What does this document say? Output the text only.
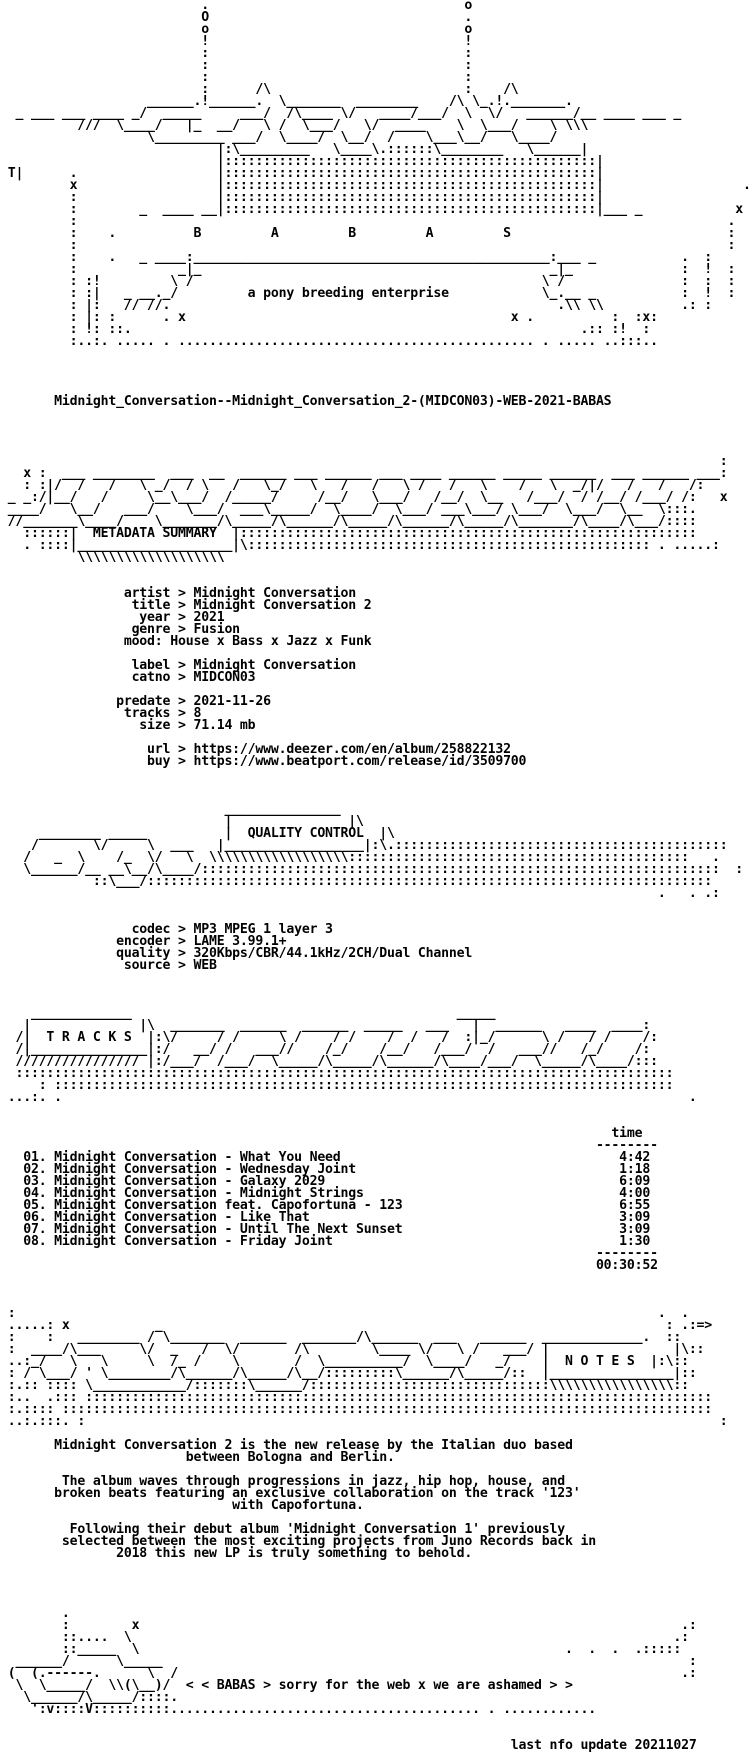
.                                 o
O                                 .
o                                 o
!                                 !
:                                 :
:                                 :
:                                 :
:      /\                         :    /\
______.!______.  \_______  ________    /\ \_.!._______.
_ ___ ___ ____ _/  _____     ___/  /\____ \/   ____/___/  \  \/   ______/__ ____ ___ _
///  \____/   |_  __/   \ /  \___/   \/  ____    \  \___/    \ \\\
\_________ ___/  \____/  \__/  /    \___\__/   \____/
|:\_________   \____\.::::::\________   \______|
|::::::::::::::::::::::::::::::::::::::::::::::::|
T|      .                  |::::::::::::::::::::::::::::::::::::::::::::::::|
x                  |::::::::::::::::::::::::::::::::::::::::::::::::|                  .
:                  |::::::::::::::::::::::::::::::::::::::::::::::::|
:        _  ____ __|::::::::::::::::::::::::::::::::::::::::::::::::|___ _            x
:                                                                                    .
:    .          B         A         B         A         S                            :
:                                                                                    :
:    .   _ ____:______________________________________________:___ _           .  :
:             _|_                                             _|_              :  !  :
: :!         \ /                                             \ /               :  :  :
: :|   _ __._/         a pony breeding enterprise            \_.__ _           :  !  :
: |:   // //.                                                  .\\ \\          .: :
: |: :      . x                                          x .          :  :x:
: !: ::.                                                          .:: :!  :
:..:. ..... . .............................................. . ..... ..:::..
Midnight_Conversation--Midnight_Conversation_2-(MIDCON03)-WEB-2021-BABAS
:
x :  ___ ________  ___  __  ______ ___ ______ ___ ____ ______ _____ ______  ___ ______ ___:
: :|/  /   /   \ _/  / \   /   \_/   \   /   /   \ /   /   \    /   \  _/|/   /   /   /:
_ _:/|__/   /     \__\___/  /_____/     /__/   \___/   /__/  \__   /___/  / /__/ /___/ /:   x
____/   \__/   ___/    \___/  ___\_____/  \____/  \___/ ___\___/ \___/  \___/  \__  \:::.
//_______\____/    \_______/\_____/\______/\_____/\______/\_____/\_______/\____/\___/::::
::::::|  METADATA SUMMARY  |:::::::::::::::::::::::::::::::::::::::::::::::::::::::::::
. ::::|____________________|\:::::::::::::::::::::::::::::::::::::::::::::::::::: . .....:
\\\\\\\\\\\\\\\\\\\
artist > Midnight Conversation
title > Midnight Conversation 2
year > 2021
genre > Fusion
mood: House x Bass x Jazz x Funk
label > Midnight Conversation
catno > MIDCON03
predate > 2021-11-26
tracks > 8
size > 71.14 mb
url > https://www.deezer.com/en/album/258822132
buy > https://www.beatport.com/release/id/3509700
_______________
|               |\
________ _____          |  QUALITY CONTROL  |\
/       \/     \  ___   |__________________|:\.:::::::::::::::::::::::::::::::::::::::::::
/   _  \    /_  \/   \  \\\\\\\\\\\\\\\\\\::::::::::::::::::::::::::::::::::::::::::::   .
\______/__ __\__/\____/:::::::::::::::::::::::::::::::::::::::::::::::::::::::::::::::::::  :
::\___/:::::::::::::::::::::::::::::::::::::::::::::::::::::::::::::::::::::::::
.   . .:
codec > MP3 MPEG 1 layer 3
encoder > LAME 3.99.1+
quality > 320Kbps/CBR/44.1kHz/2CH/Dual Channel
source > WEB
_____________                                          _____
|              |\  _______  ______  ______  _____   ___   |  ______   ____  ____:
/|  T R A C K S  |:\/     / /     \ /    / /    /  /   /  :|_/      \ /   / /    /:
/|_______________|:/   __/ /   ___//    /_/    /__/   /___/  /   ___//   /_/    /:
//////////////// |:/___/  /___/  \_____/\_____/\______/\____/___/  \_____/\____/:::
:::::::::::::::::::::::::::::::::::::::::::::::::::::::::::::::::::::::::::::::::::::
: ::::::::::::::::::::::::::::::::::::::::::::::::::::::::::::::::::::::::::::::::
...:. .                                                                                 .
time
--------
01. Midnight Conversation - What You Need                                    4:42
02. Midnight Conversation - Wednesday Joint                                  1:18
03. Midnight Conversation - Galaxy 2029                                      6:09
04. Midnight Conversation - Midnight Strings                                 4:00
05. Midnight Conversation feat. Capofortuna - 123                            6:55
06. Midnight Conversation - Like That                                        3:09
07. Midnight Conversation - Until The Next Sunset                            3:09
08. Midnight Conversation - Friday Joint                                     1:30
--------
00:30:52
:                                                                                   .  .
.....: x           _                                                                 : .:=>
:    :   ________ / \_______  ______  _______/\______  ___   ______  _____________.  ::
:  ____/\___     \/  _   /  \/       /\        \____ \/   \ /   ___/ |                |\::
..:_/   \   \     \  /_ /    \       /  \__________/  \____/   _/    |  N O T E S  |:\::
: / \___/ ' \________/\______/\_____/\__/:::::::::\______/\_____/::  |________________|::
:.:: :::: \____________/:::::::\______/:::::::::::::::::::::::::::::::\\\\\\\\\\\\\\\\::
:..  .::: :::::::::::::::::::::::::::::::::::::::::::::::::::::::::::::::::::::::::::::::::
:.:::: ::::::::::::::::::::::::::::::::::::::::::::::::::::::::::::::::::::::::::::::::::::
..:.:::. :                                                                                  :
Midnight Conversation 2 is the new release by the Italian duo based
between Bologna and Berlin.
The album waves through progressions in jazz, hip hop, house, and
broken beats featuring an exclusive collaboration on the track '123'
with Capofortuna.
Following their debut album 'Midnight Conversation 1' previously
selected between the most exciting projects from Juno Records back in
2018 this new LP is truly something to behold.
.
:        x                                                                      .:
::....  \                                                                      .:
::_____  \                                                       .  .  .  .:::::
______/      \_____                                                                    :
(  (.------.      \  /                                                                 .:
\  \_____/  \\(\__)/  < < BABAS > sorry for the web x we are ashamed > >
\______/\_____/::::.
':v::::V::::::::::........................................ . ............
last nfo update 20211027
